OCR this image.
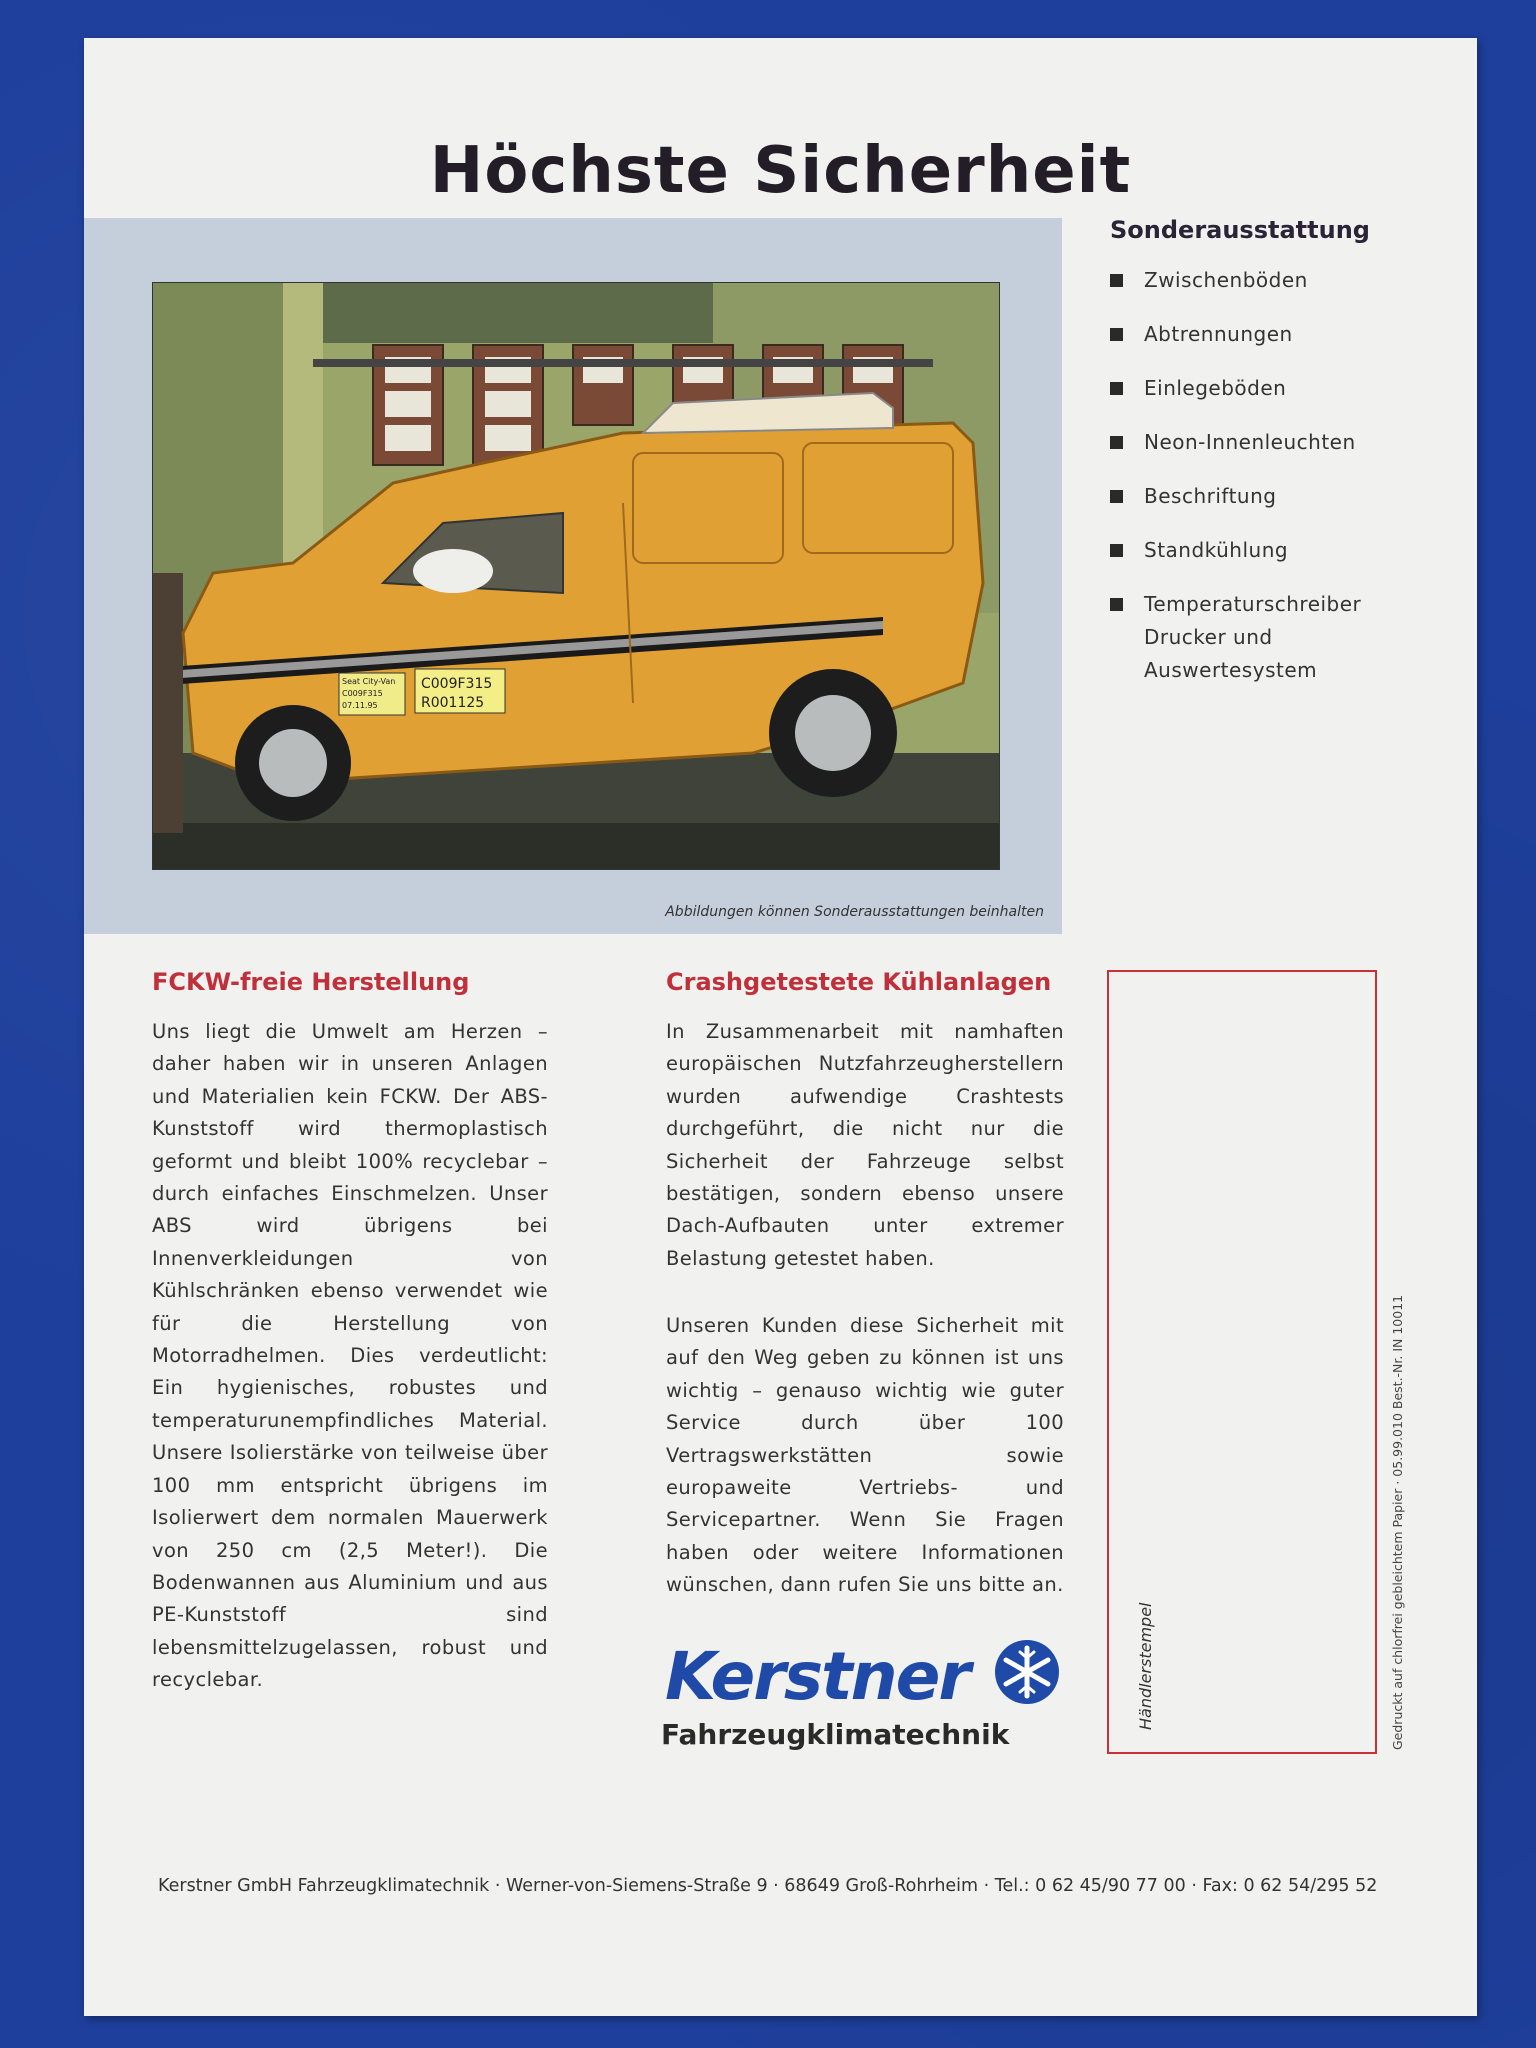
Höchste Sicherheit
C009F315
R001125
Seat City-Van
C009F315
07.11.95
Abbildungen können Sonderausstattungen beinhalten
Sonderausstattung
Zwischenböden
Abtrennungen
Einlegeböden
Neon-Innenleuchten
Beschriftung
Standkühlung
Temperaturschreiber Drucker und Auswertesystem
FCKW-freie Herstellung

Uns liegt die Umwelt am Herzen – daher haben wir in unseren Anlagen und Materialien kein FCKW. Der ABS-Kunststoff wird thermoplastisch geformt und bleibt 100% recyclebar – durch einfaches Einschmelzen. Unser ABS wird übrigens bei Innenverkleidungen von Kühlschränken ebenso verwendet wie für die Herstellung von Motorradhelmen. Dies verdeutlicht: Ein hygienisches, robustes und temperaturunempfindliches Material. Unsere Isolierstärke von teilweise über 100 mm entspricht übrigens im Isolierwert dem normalen Mauerwerk von 250 cm (2,5 Meter!). Die Bodenwannen aus Aluminium und aus PE-Kunststoff sind lebensmittelzugelassen, robust und recyclebar.

Crashgetestete Kühlanlagen

In Zusammenarbeit mit namhaften europäischen Nutzfahrzeugherstellern wurden aufwendige Crashtests durchgeführt, die nicht nur die Sicherheit der Fahrzeuge selbst bestätigen, sondern ebenso unsere Dach-Aufbauten unter extremer Belastung getestet haben.

Unseren Kunden diese Sicherheit mit auf den Weg geben zu können ist uns wichtig – genauso wichtig wie guter Service durch über 100 Vertragswerkstätten sowie europaweite Vertriebs- und Servicepartner. Wenn Sie Fragen haben oder weitere Informationen wünschen, dann rufen Sie uns bitte an.

Händlerstempel	Gedruckt auf chlorfrei gebleichtem Papier · 05.99.010 Best.-Nr. IN 10011
Kerstner
Fahrzeugklimatechnik
Kerstner GmbH Fahrzeugklimatechnik · Werner-von-Siemens-Straße 9 · 68649 Groß-Rohrheim · Tel.: 0 62 45/90 77 00 · Fax: 0 62 54/295 52
